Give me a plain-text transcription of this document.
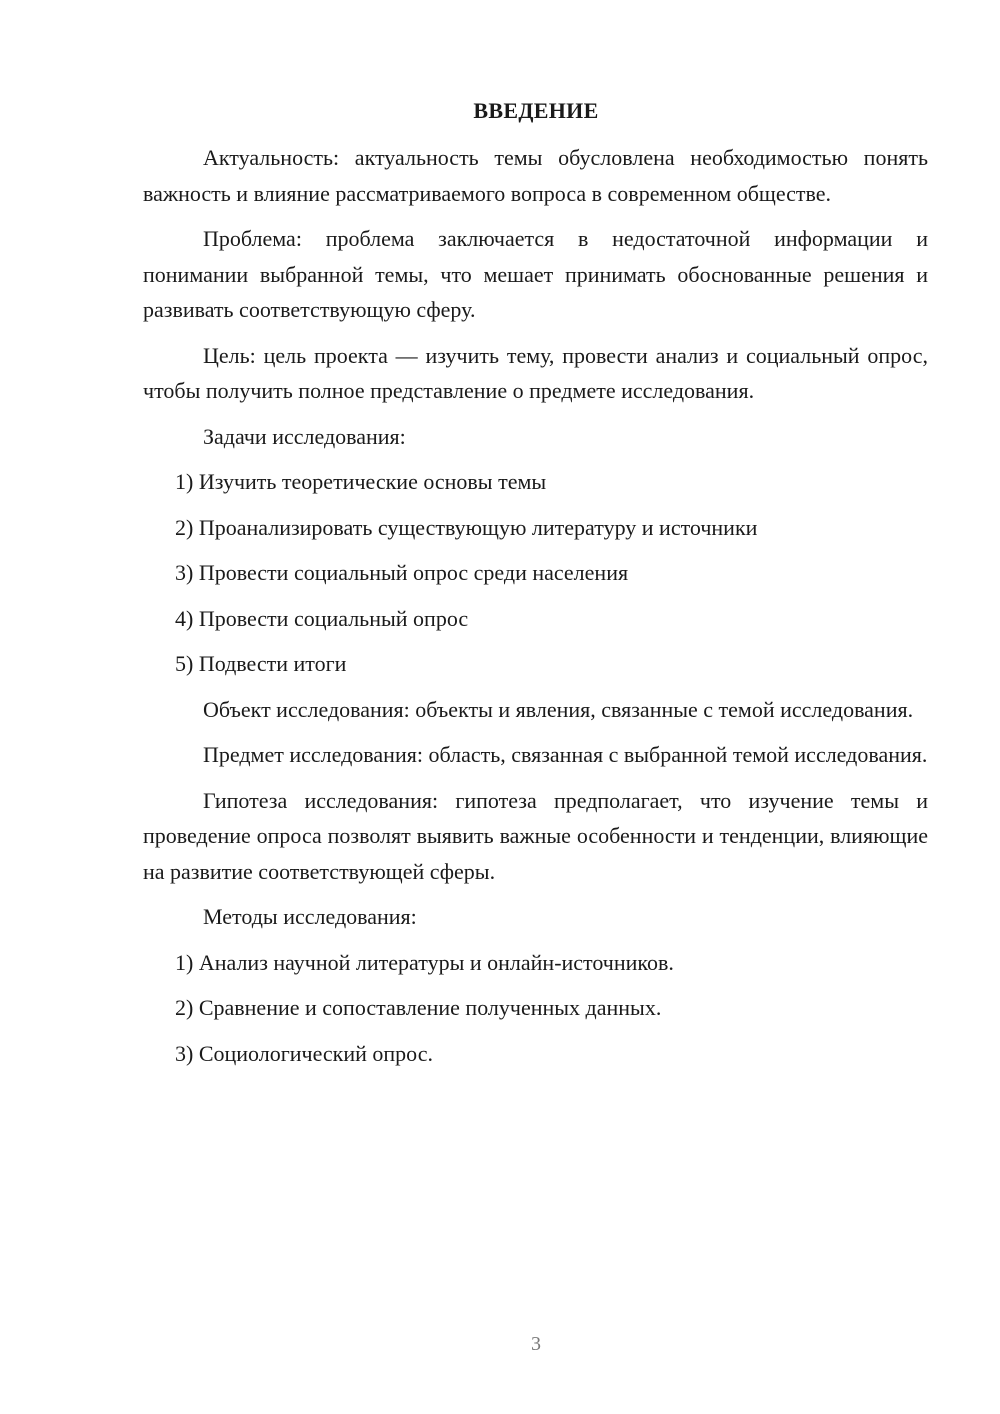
ВВЕДЕНИЕ

Актуальность: актуальность темы обусловлена необходимостью понять важность и влияние рассматриваемого вопроса в современном обществе.

Проблема: проблема заключается в недостаточной информации и понимании выбранной темы, что мешает принимать обоснованные решения и развивать соответствующую сферу.

Цель: цель проекта — изучить тему, провести анализ и социальный опрос, чтобы получить полное представление о предмете исследования.

Задачи исследования:

1) Изучить теоретические основы темы
2) Проанализировать существующую литературу и источники
3) Провести социальный опрос среди населения
4) Провести социальный опрос
5) Подвести итоги

Объект исследования: объекты и явления, связанные с темой исследования.

Предмет исследования: область, связанная с выбранной темой исследования.

Гипотеза исследования: гипотеза предполагает, что изучение темы и проведение опроса позволят выявить важные особенности и тенденции, влияющие на развитие соответствующей сферы.

Методы исследования:

1) Анализ научной литературы и онлайн-источников.
2) Сравнение и сопоставление полученных данных.
3) Социологический опрос.
3
